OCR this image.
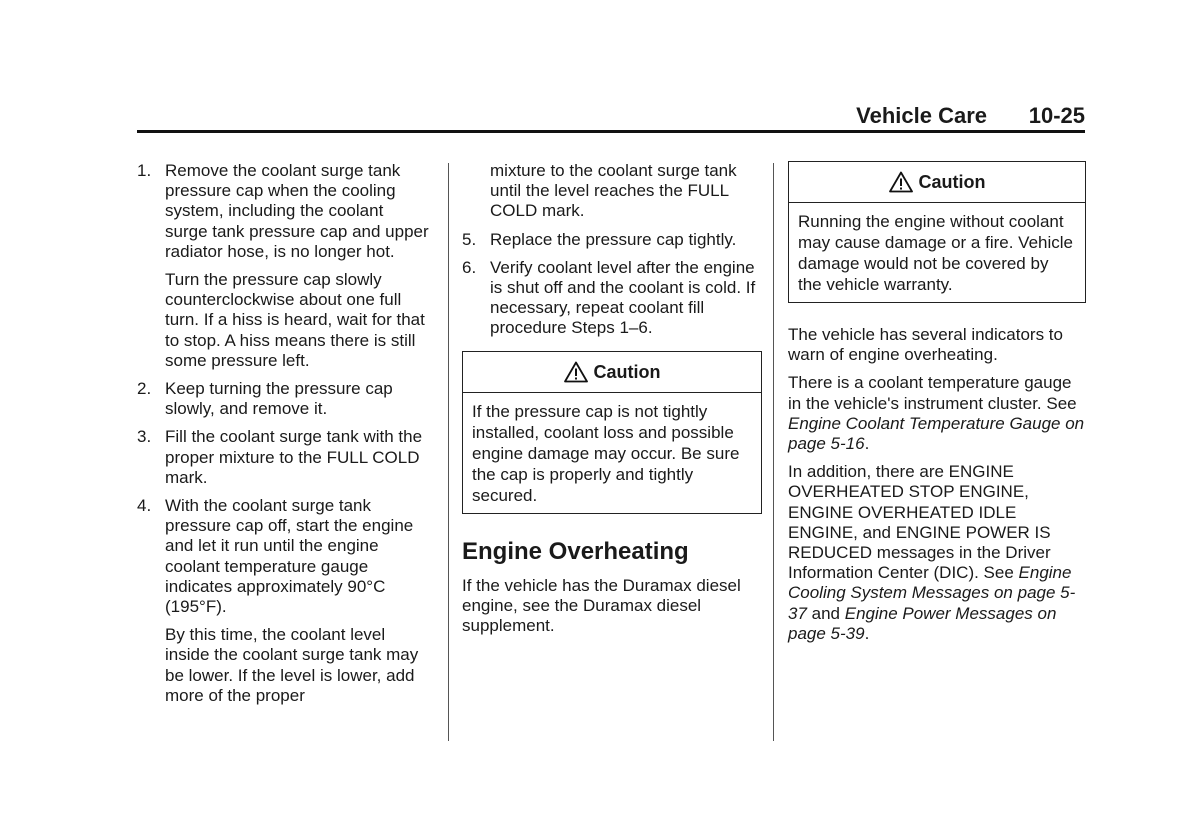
Vehicle Care 10-25
1. Remove the coolant surge tank pressure cap when the cooling system, including the coolant surge tank pressure cap and upper radiator hose, is no longer hot.
Turn the pressure cap slowly counterclockwise about one full turn. If a hiss is heard, wait for that to stop. A hiss means there is still some pressure left.
2. Keep turning the pressure cap slowly, and remove it.
3. Fill the coolant surge tank with the proper mixture to the FULL COLD mark.
4. With the coolant surge tank pressure cap off, start the engine and let it run until the engine coolant temperature gauge indicates approximately 90°C (195°F).
By this time, the coolant level inside the coolant surge tank may be lower. If the level is lower, add more of the proper
mixture to the coolant surge tank until the level reaches the FULL COLD mark.
5. Replace the pressure cap tightly.
6. Verify coolant level after the engine is shut off and the coolant is cold. If necessary, repeat coolant fill procedure Steps 1–6.
Caution
If the pressure cap is not tightly installed, coolant loss and possible engine damage may occur. Be sure the cap is properly and tightly secured.
Engine Overheating
If the vehicle has the Duramax diesel engine, see the Duramax diesel supplement.
Caution
Running the engine without coolant may cause damage or a fire. Vehicle damage would not be covered by the vehicle warranty.
The vehicle has several indicators to warn of engine overheating.
There is a coolant temperature gauge in the vehicle's instrument cluster. See Engine Coolant Temperature Gauge on page 5-16.
In addition, there are ENGINE OVERHEATED STOP ENGINE, ENGINE OVERHEATED IDLE ENGINE, and ENGINE POWER IS REDUCED messages in the Driver Information Center (DIC). See Engine Cooling System Messages on page 5-37 and Engine Power Messages on page 5-39.
